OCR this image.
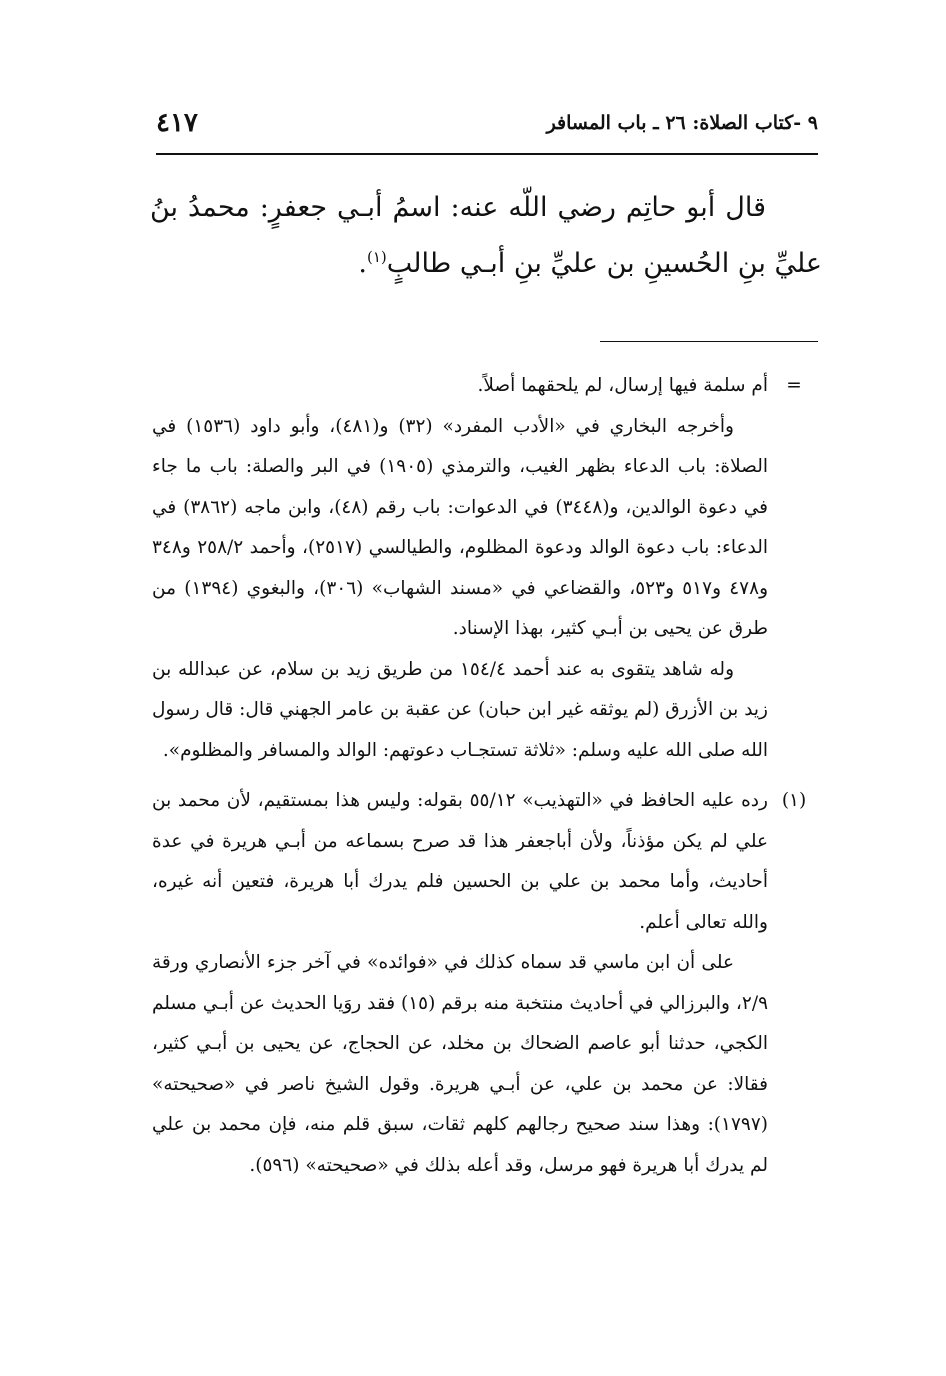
٩ -كتاب الصلاة: ٢٦ ـ باب المسافر
٤١٧

قال أبو حاتِم رضي اللّه عنه: اسمُ أبـي جعفرٍ: محمدُ بنُ عليِّ بنِ الحُسينِ بن عليِّ بنِ أبـي طالبٍ$^{(١)}$.

=

أم سلمة فيها إرسال، لم يلحقهما أصلاً.

وأخرجه البخاري في «الأدب المفرد» (٣٢) و(٤٨١)، وأبو داود (١٥٣٦) في الصلاة: باب الدعاء بظهر الغيب، والترمذي (١٩٠٥) في البر والصلة: باب ما جاء في دعوة الوالدين، و(٣٤٤٨) في الدعوات: باب رقم (٤٨)، وابن ماجه (٣٨٦٢) في الدعاء: باب دعوة الوالد ودعوة المظلوم، والطيالسي (٢٥١٧)، وأحمد ٢٥٨/٢ و٣٤٨ و٤٧٨ و٥١٧ و٥٢٣، والقضاعي في «مسند الشهاب» (٣٠٦)، والبغوي (١٣٩٤) من طرق عن يحيى بن أبـي كثير، بهذا الإسناد.

وله شاهد يتقوى به عند أحمد ١٥٤/٤ من طريق زيد بن سلام، عن عبدالله بن زيد بن الأزرق (لم يوثقه غير ابن حبان) عن عقبة بن عامر الجهني قال: قال رسول الله صلى الله عليه وسلم: «ثلاثة تستجـاب دعوتهم: الوالد والمسافر والمظلوم».

(١)

رده عليه الحافظ في «التهذيب» ٥٥/١٢ بقوله: وليس هذا بمستقيم، لأن محمد بن علي لم يكن مؤذناً، ولأن أباجعفر هذا قد صرح بسماعه من أبـي هريرة في عدة أحاديث، وأما محمد بن علي بن الحسين فلم يدرك أبا هريرة، فتعين أنه غيره، والله تعالى أعلم.

على أن ابن ماسي قد سماه كذلك في «فوائده» في آخر جزء الأنصاري ورقة ٢/٩، والبرزالي في أحاديث منتخبة منه برقم (١٥) فقد روَيا الحديث عن أبـي مسلم الكجي، حدثنا أبو عاصم الضحاك بن مخلد، عن الحجاج، عن يحيى بن أبـي كثير، فقالا: عن محمد بن علي، عن أبـي هريرة. وقول الشيخ ناصر في «صحيحته» (١٧٩٧): وهذا سند صحيح رجالهم كلهم ثقات، سبق قلم منه، فإن محمد بن علي لم يدرك أبا هريرة فهو مرسل، وقد أعله بذلك في «صحيحته» (٥٩٦).
